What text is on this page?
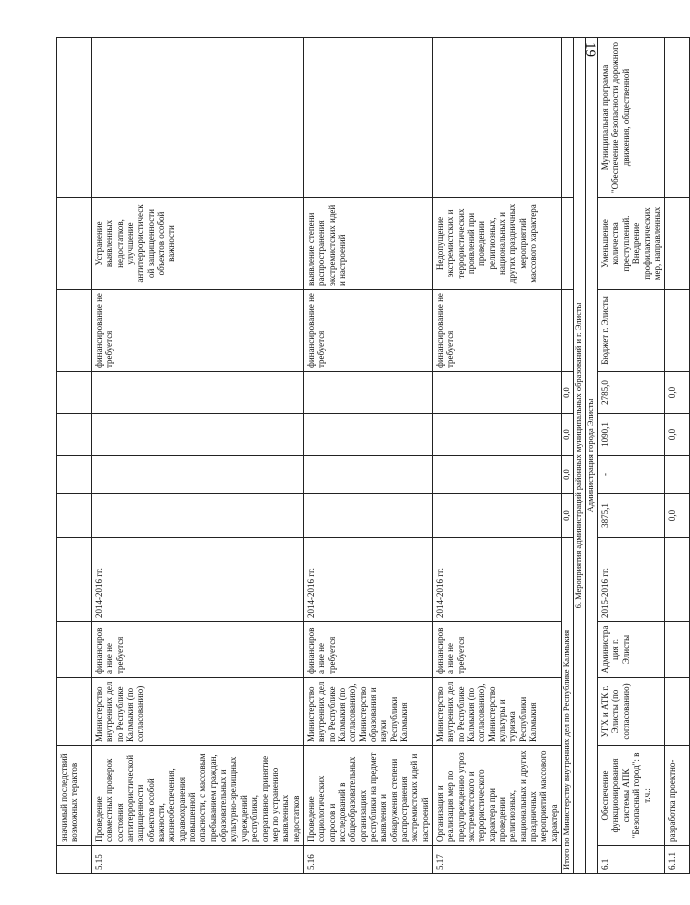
19
	значимый последствий возможных терактов										
5.15	Проведение совместных проверок состояния антитеррористической защищенности объектов особой важности, жизнеобеспечения, здравоохранения повышенной опасности, с массовым пребыванием граждан, образовательных и культурно-зрелищных учреждений республики, оперативное принятие мер по устранению выявленных недостатков	Министерство внутренних дел по Республике Калмыкия (по согласованию)	финансирова ние не требуется	2014-2016 гг.					финансирование не требуется	Устранение выявленных недостатков, улучшение антитеррористическ ой защищенности объектов особой важности	
5.16	Проведение социологических опросов и исследований в общеобразовательных организациях республики на предмет выявления и обнаружения степени распространения экстремистских идей и настроений	Министерство внутренних дел по Республике Калмыкия (по согласованию), Министерство образования и науки Республики Калмыкия	финансирова ние не требуется	2014-2016 гг.					финансирование не требуется	выявление степени распространения экстремистских идей и настроений	
5.17	Организация и реализация мер по предупреждению угроз экстремистского и террористического характера при проведении религиозных, национальных и других праздничных мероприятий массового характера	Министерство внутренних дел по Республике Калмыкия (по согласованию), Министерство культуры и туризма Республики Калмыкия	финансирова ние не требуется	2014-2016 гг.					финансирование не требуется	Недопущение экстремистских и террористических проявлений при проведении религиозных, национальных и других праздничных мероприятий массового характера	
Итого по Министерству внутренних дел по Республике Калмыкия					0,0	0,0	0,0	0,0			
6. Мероприятия администраций районных муниципальных образований и г. Элисты											
Администрация города Элисты											
6.1	Обеспечение функционирования системы АПК "Безопасный город": в т.ч.:	УГХ и АТК г. Элисты (по согласованию)	Администра ция г. Элисты	2015-2016 гг.	3875,1	-	1090,1	2785,0	Бюджет г. Элисты	Уменьшение количества преступлений. Внедрение профилактических мер, направленных	Муниципальная программа "Обеспечение безопасности дорожного движения, общественной
6.1.1	разработка проектно-				0,0		0,0	0,0			
